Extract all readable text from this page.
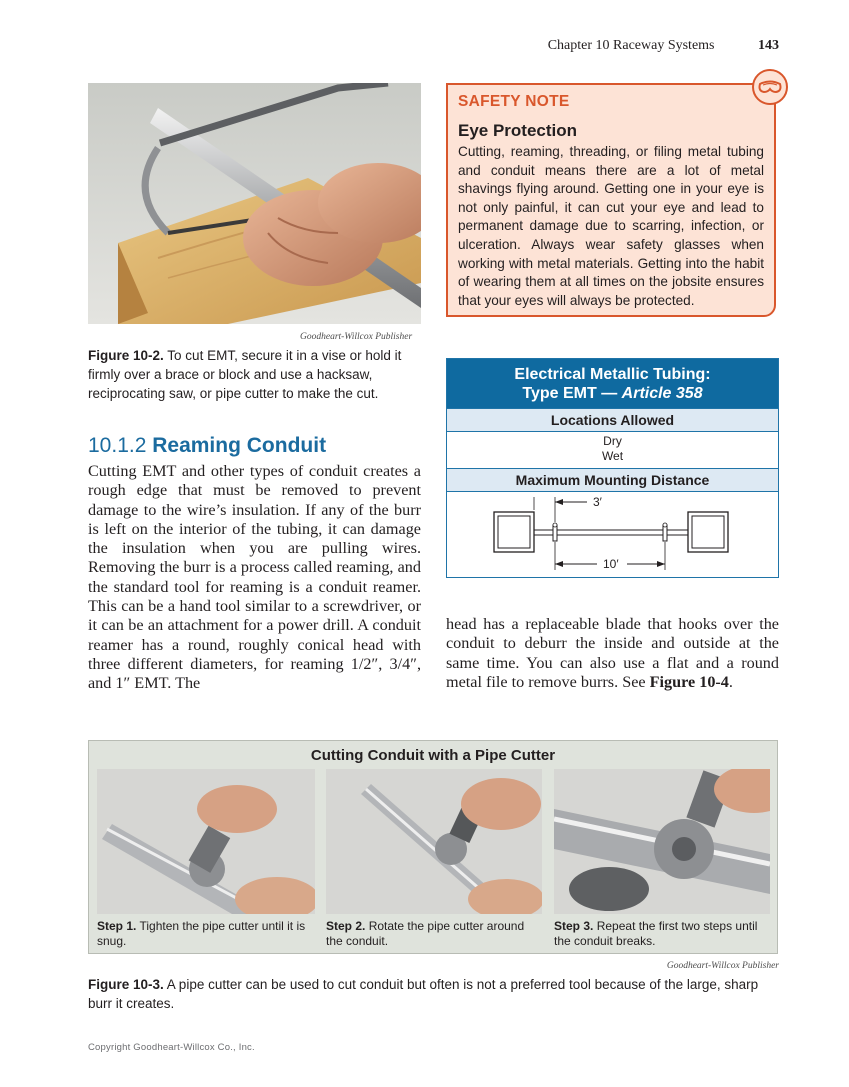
Chapter 10 Raceway Systems	143
Goodheart-Willcox Publisher
Figure 10-2. To cut EMT, secure it in a vise or hold it firmly over a brace or block and use a hacksaw, reciprocating saw, or pipe cutter to make the cut.
SAFETY NOTE
Eye Protection
Cutting, reaming, threading, or filing metal tubing and conduit means there are a lot of metal shavings flying around. Getting one in your eye is not only painful, it can cut your eye and lead to permanent damage due to scarring, infection, or ulceration. Always wear safety glasses when working with metal materials. Getting into the habit of wearing them at all times on the jobsite ensures that your eyes will always be protected.
10.1.2 Reaming Conduit
Cutting EMT and other types of conduit creates a rough edge that must be removed to prevent damage to the wire’s insulation. If any of the burr is left on the interior of the tubing, it can damage the insulation when you are pulling wires. Removing the burr is a process called reaming, and the standard tool for reaming is a conduit reamer. This can be a hand tool similar to a screwdriver, or it can be an attachment for a power drill. A conduit reamer has a round, roughly conical head with three different diameters, for reaming 1/2″, 3/4″, and 1″ EMT. The
Electrical Metallic Tubing:
Type EMT — Article 358
Locations Allowed
Dry
Wet
Maximum Mounting Distance
3′
10′
head has a replaceable blade that hooks over the conduit to deburr the inside and outside at the same time. You can also use a flat and a round metal file to remove burrs. See Figure 10-4.
Cutting Conduit with a Pipe Cutter
Step 1. Tighten the pipe cutter until it is snug.
Step 2. Rotate the pipe cutter around the conduit.
Step 3. Repeat the first two steps until the conduit breaks.
Goodheart-Willcox Publisher
Figure 10-3. A pipe cutter can be used to cut conduit but often is not a preferred tool because of the large, sharp burr it creates.
Copyright Goodheart-Willcox Co., Inc.
